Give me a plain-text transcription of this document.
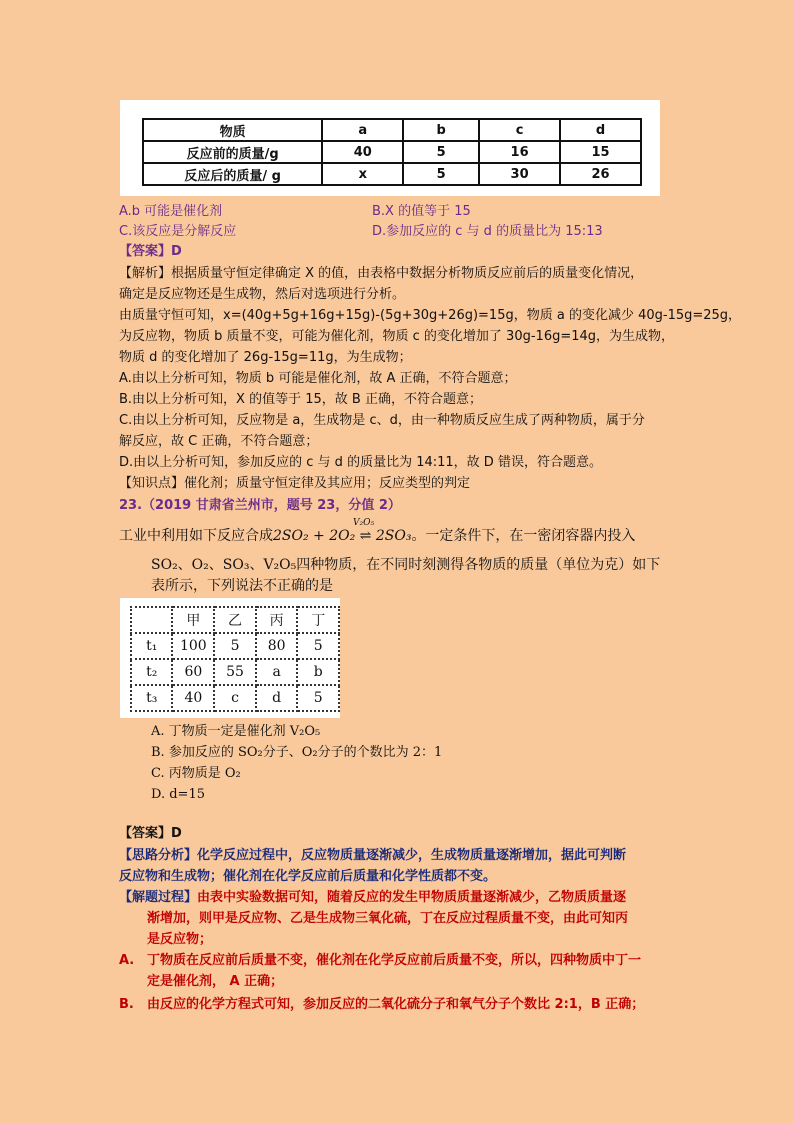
物质	a	b	c	d
反应前的质量/g	40	5	16	15
反应后的质量/ g	x	5	30	26
A.b 可能是催化剂	B.X 的值等于 15
C.该反应是分解反应	D.参加反应的 c 与 d 的质量比为 15:13
【答案】D
【解析】根据质量守恒定律确定 X 的值，由表格中数据分析物质反应前后的质量变化情况，
确定是反应物还是生成物，然后对选项进行分析。
由质量守恒可知，x=(40g+5g+16g+15g)-(5g+30g+26g)=15g，物质 a 的变化减少 40g-15g=25g，
为反应物，物质 b 质量不变，可能为催化剂，物质 c 的变化增加了 30g-16g=14g，为生成物，
物质 d 的变化增加了 26g-15g=11g，为生成物；
A.由以上分析可知，物质 b 可能是催化剂，故 A 正确，不符合题意；
B.由以上分析可知，X 的值等于 15，故 B 正确，不符合题意；
C.由以上分析可知，反应物是 a，生成物是 c、d，由一种物质反应生成了两种物质，属于分
解反应，故 C 正确，不符合题意；
D.由以上分析可知，参加反应的 c 与 d 的质量比为 14:11，故 D 错误，符合题意。
【知识点】催化剂；质量守恒定律及其应用；反应类型的判定
23.（2019 甘肃省兰州市，题号 23，分值 2）
工业中利用如下反应合成
V₂O₅
2SO₂ + 2O₂ ⇌ 2SO₃。一定条件下，在一密闭容器内投入
SO₂、O₂、SO₃、V₂O₅四种物质，在不同时刻测得各物质的质量（单位为克）如下
表所示，下列说法不正确的是
	甲	乙	丙	丁
t₁	100	5	80	5
t₂	60	55	a	b
t₃	40	c	d	5
A. 丁物质一定是催化剂 V₂O₅
B. 参加反应的 SO₂分子、O₂分子的个数比为 2：1
C. 丙物质是 O₂
D. d=15
【答案】D
【思路分析】化学反应过程中，反应物质量逐渐减少，生成物质量逐渐增加，据此可判断
反应物和生成物；催化剂在化学反应前后质量和化学性质都不变。
【解题过程】由表中实验数据可知，随着反应的发生甲物质质量逐渐减少，乙物质质量逐
渐增加，则甲是反应物、乙是生成物三氧化硫，丁在反应过程质量不变，由此可知丙
是反应物；
A. 丁物质在反应前后质量不变，催化剂在化学反应前后质量不变，所以，四种物质中丁一
定是催化剂， A 正确；
B. 由反应的化学方程式可知，参加反应的二氧化硫分子和氧气分子个数比 2:1，B 正确；
